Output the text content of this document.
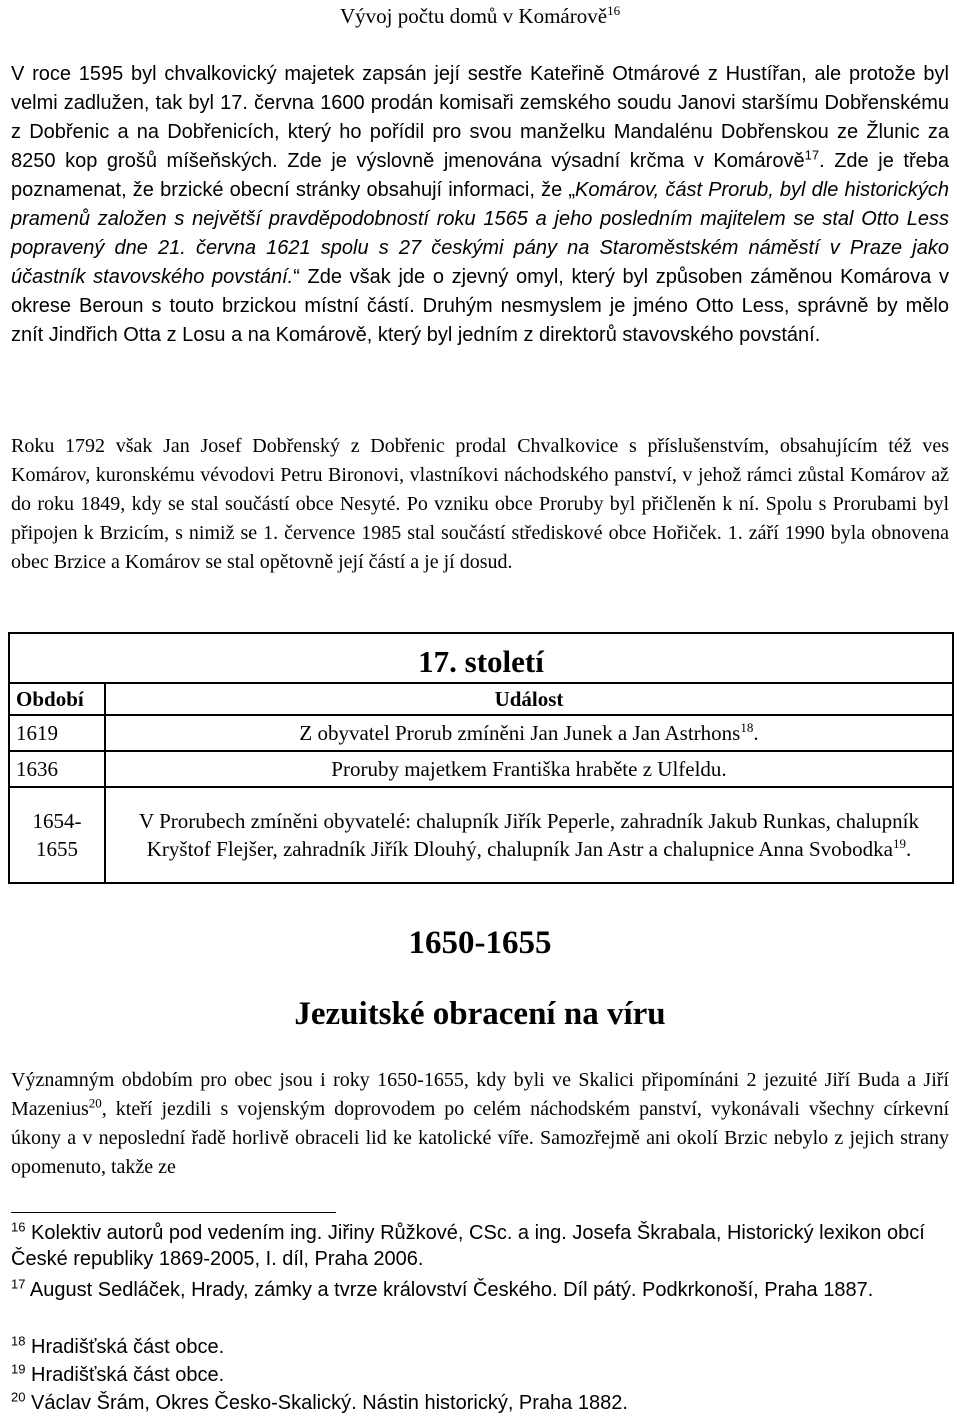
Vývoj počtu domů v Komárově$^{16}$
V roce 1595 byl chvalkovický majetek zapsán její sestře Kateřině Otmárové z Hustířan, ale protože byl velmi zadlužen, tak byl 17. června 1600 prodán komisaři zemského soudu Janovi staršímu Dobřenskému z Dobřenic a na Dobřenicích, který ho pořídil pro svou manželku Mandalénu Dobřenskou ze Žlunic za 8250 kop grošů míšeňských. Zde je výslovně jmenována výsadní krčma v Komárově$^{17}$. Zde je třeba poznamenat, že brzické obecní stránky obsahují informaci, že „Komárov, část Prorub, byl dle historických pramenů založen s největší pravděpodobností roku 1565 a jeho posledním majitelem se stal Otto Less popravený dne 21. června 1621 spolu s 27 českými pány na Staroměstském náměstí v Praze jako účastník stavovského povstání.“ Zde však jde o zjevný omyl, který byl způsoben záměnou Komárova v okrese Beroun s touto brzickou místní částí. Druhým nesmyslem je jméno Otto Less, správně by mělo znít Jindřich Otta z Losu a na Komárově, který byl jedním z direktorů stavovského povstání.
Roku 1792 však Jan Josef Dobřenský z Dobřenic prodal Chvalkovice s příslušenstvím, obsahujícím též ves Komárov, kuronskému vévodovi Petru Bironovi, vlastníkovi náchodského panství, v jehož rámci zůstal Komárov až do roku 1849, kdy se stal součástí obce Nesyté. Po vzniku obce Proruby byl přičleněn k ní. Spolu s Prorubami byl připojen k Brzicím, s nimiž se 1. července 1985 stal součástí střediskové obce Hořiček. 1. září 1990 byla obnovena obec Brzice a Komárov se stal opětovně její částí a je jí dosud.
17. století	
Období	Událost
1619	Z obyvatel Prorub zmíněni Jan Junek a Jan Astrhons$^{18}$.
1636	Proruby majetkem Františka hraběte z Ulfeldu.
1654-1655	V Prorubech zmíněni obyvatelé: chalupník Jiřík Peperle, zahradník Jakub Runkas, chalupník Kryštof Flejšer, zahradník Jiřík Dlouhý, chalupník Jan Astr a chalupnice Anna Svobodka$^{19}$.
1650-1655
Jezuitské obracení na víru
Významným obdobím pro obec jsou i roky 1650-1655, kdy byli ve Skalici připomínáni 2 jezuité Jiří Buda a Jiří Mazenius$^{20}$, kteří jezdili s vojenským doprovodem po celém náchodském panství, vykonávali všechny církevní úkony a v neposlední řadě horlivě obraceli lid ke katolické víře. Samozřejmě ani okolí Brzic nebylo z jejich strany opomenuto, takže ze
$^{16}$ Kolektiv autorů pod vedením ing. Jiřiny Růžkové, CSc. a ing. Josefa Škrabala, Historický lexikon obcí České republiky 1869-2005, I. díl, Praha 2006.
$^{17}$ August Sedláček, Hrady, zámky a tvrze království Českého. Díl pátý. Podkrkonoší, Praha 1887.
$^{18}$ Hradišťská část obce.
$^{19}$ Hradišťská část obce.
$^{20}$ Václav Šrám, Okres Česko-Skalický. Nástin historický, Praha 1882.
